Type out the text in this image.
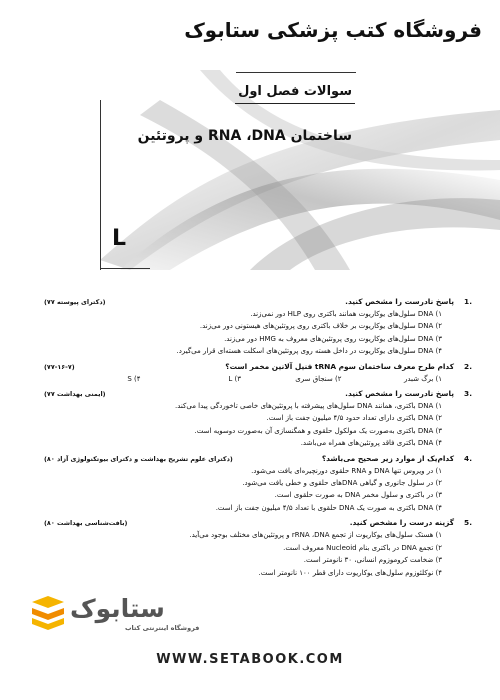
فروشگاه کتب پزشکی ستابوک
سوالات فصل اول
ساختمان RNA ،DNA و پروتئین
L
.1
پاسخ نادرست را مشخص کنید.
(دکترای پیوسته ۷۷)
۱) DNA سلول‌های یوکاریوت همانند باکتری روی HLP دور نمی‌زند.
۲) DNA سلول‌های یوکاریوت بر خلاف باکتری روی پروتئین‌های هیستونی دور می‌زند.
۳) DNA سلول‌های یوکاریوت روی پروتئین‌های معروف به HMG دور می‌زند.
۴) DNA سلول‌های یوکاریوت در داخل هسته روی پروتئین‌های اسکلت هسته‌ای قرار می‌گیرد.
.2
کدام طرح معرف ساختمان سوم tRNA فنیل آلانین مخمر است؟
(۷۷-۱۶-۷)
۱) برگ شبدر
۲) سنجاق سری
۳) L
۴) S
.3
پاسخ نادرست را مشخص کنید.
(ایمنی بهداشت ۷۷)
۱) DNA باکتری، همانند DNA سلول‌های پیشرفته با پروتئین‌های خاصی تاخوردگی پیدا می‌کند.
۲) DNA باکتری دارای تعداد حدود ۴/۵ میلیون جفت باز است.
۳) DNA باکتری به‌صورت یک مولکول حلقوی و همگنسازی آن به‌صورت دوسویه است.
۴) DNA باکتری فاقد پروتئین‌های همراه می‌باشد.
.4
کدام‌یک از موارد زیر صحیح می‌باشد؟
(دکترای علوم تشریح بهداشت و دکترای بیوتکنولوژی آزاد ۸۰)
۱) در ویروس تنها DNA و RNA حلقوی دورنچیره‌ای یافت می‌شود.
۲) در سلول جانوری و گیاهی DNAهای حلقوی و خطی یافت می‌شود.
۳) در باکتری و سلول مخمر DNA به صورت حلقوی است.
۴) DNA باکتری به صورت یک DNA حلقوی با تعداد ۴/۵ میلیون جفت باز است.
.5
گزینه درست را مشخص کنید.
(بافت‌شناسی بهداشت ۸۰)
۱) هستک سلول‌های یوکاریوت از تجمع rRNA ،DNA و پروتئین‌های مختلف بوجود می‌آید.
۲) تجمع DNA در باکتری بنام Nucleoid معروف است.
۳) ضخامت کروموزوم انسانی، ۳۰ نانومتر است.
۴) نوکلئوزوم سلول‌های یوکاریوت دارای قطر ۱۰۰ نانومتر است.
ستابوک
فروشگاه اینترنتی کتاب
WWW.SETABOOK.COM
